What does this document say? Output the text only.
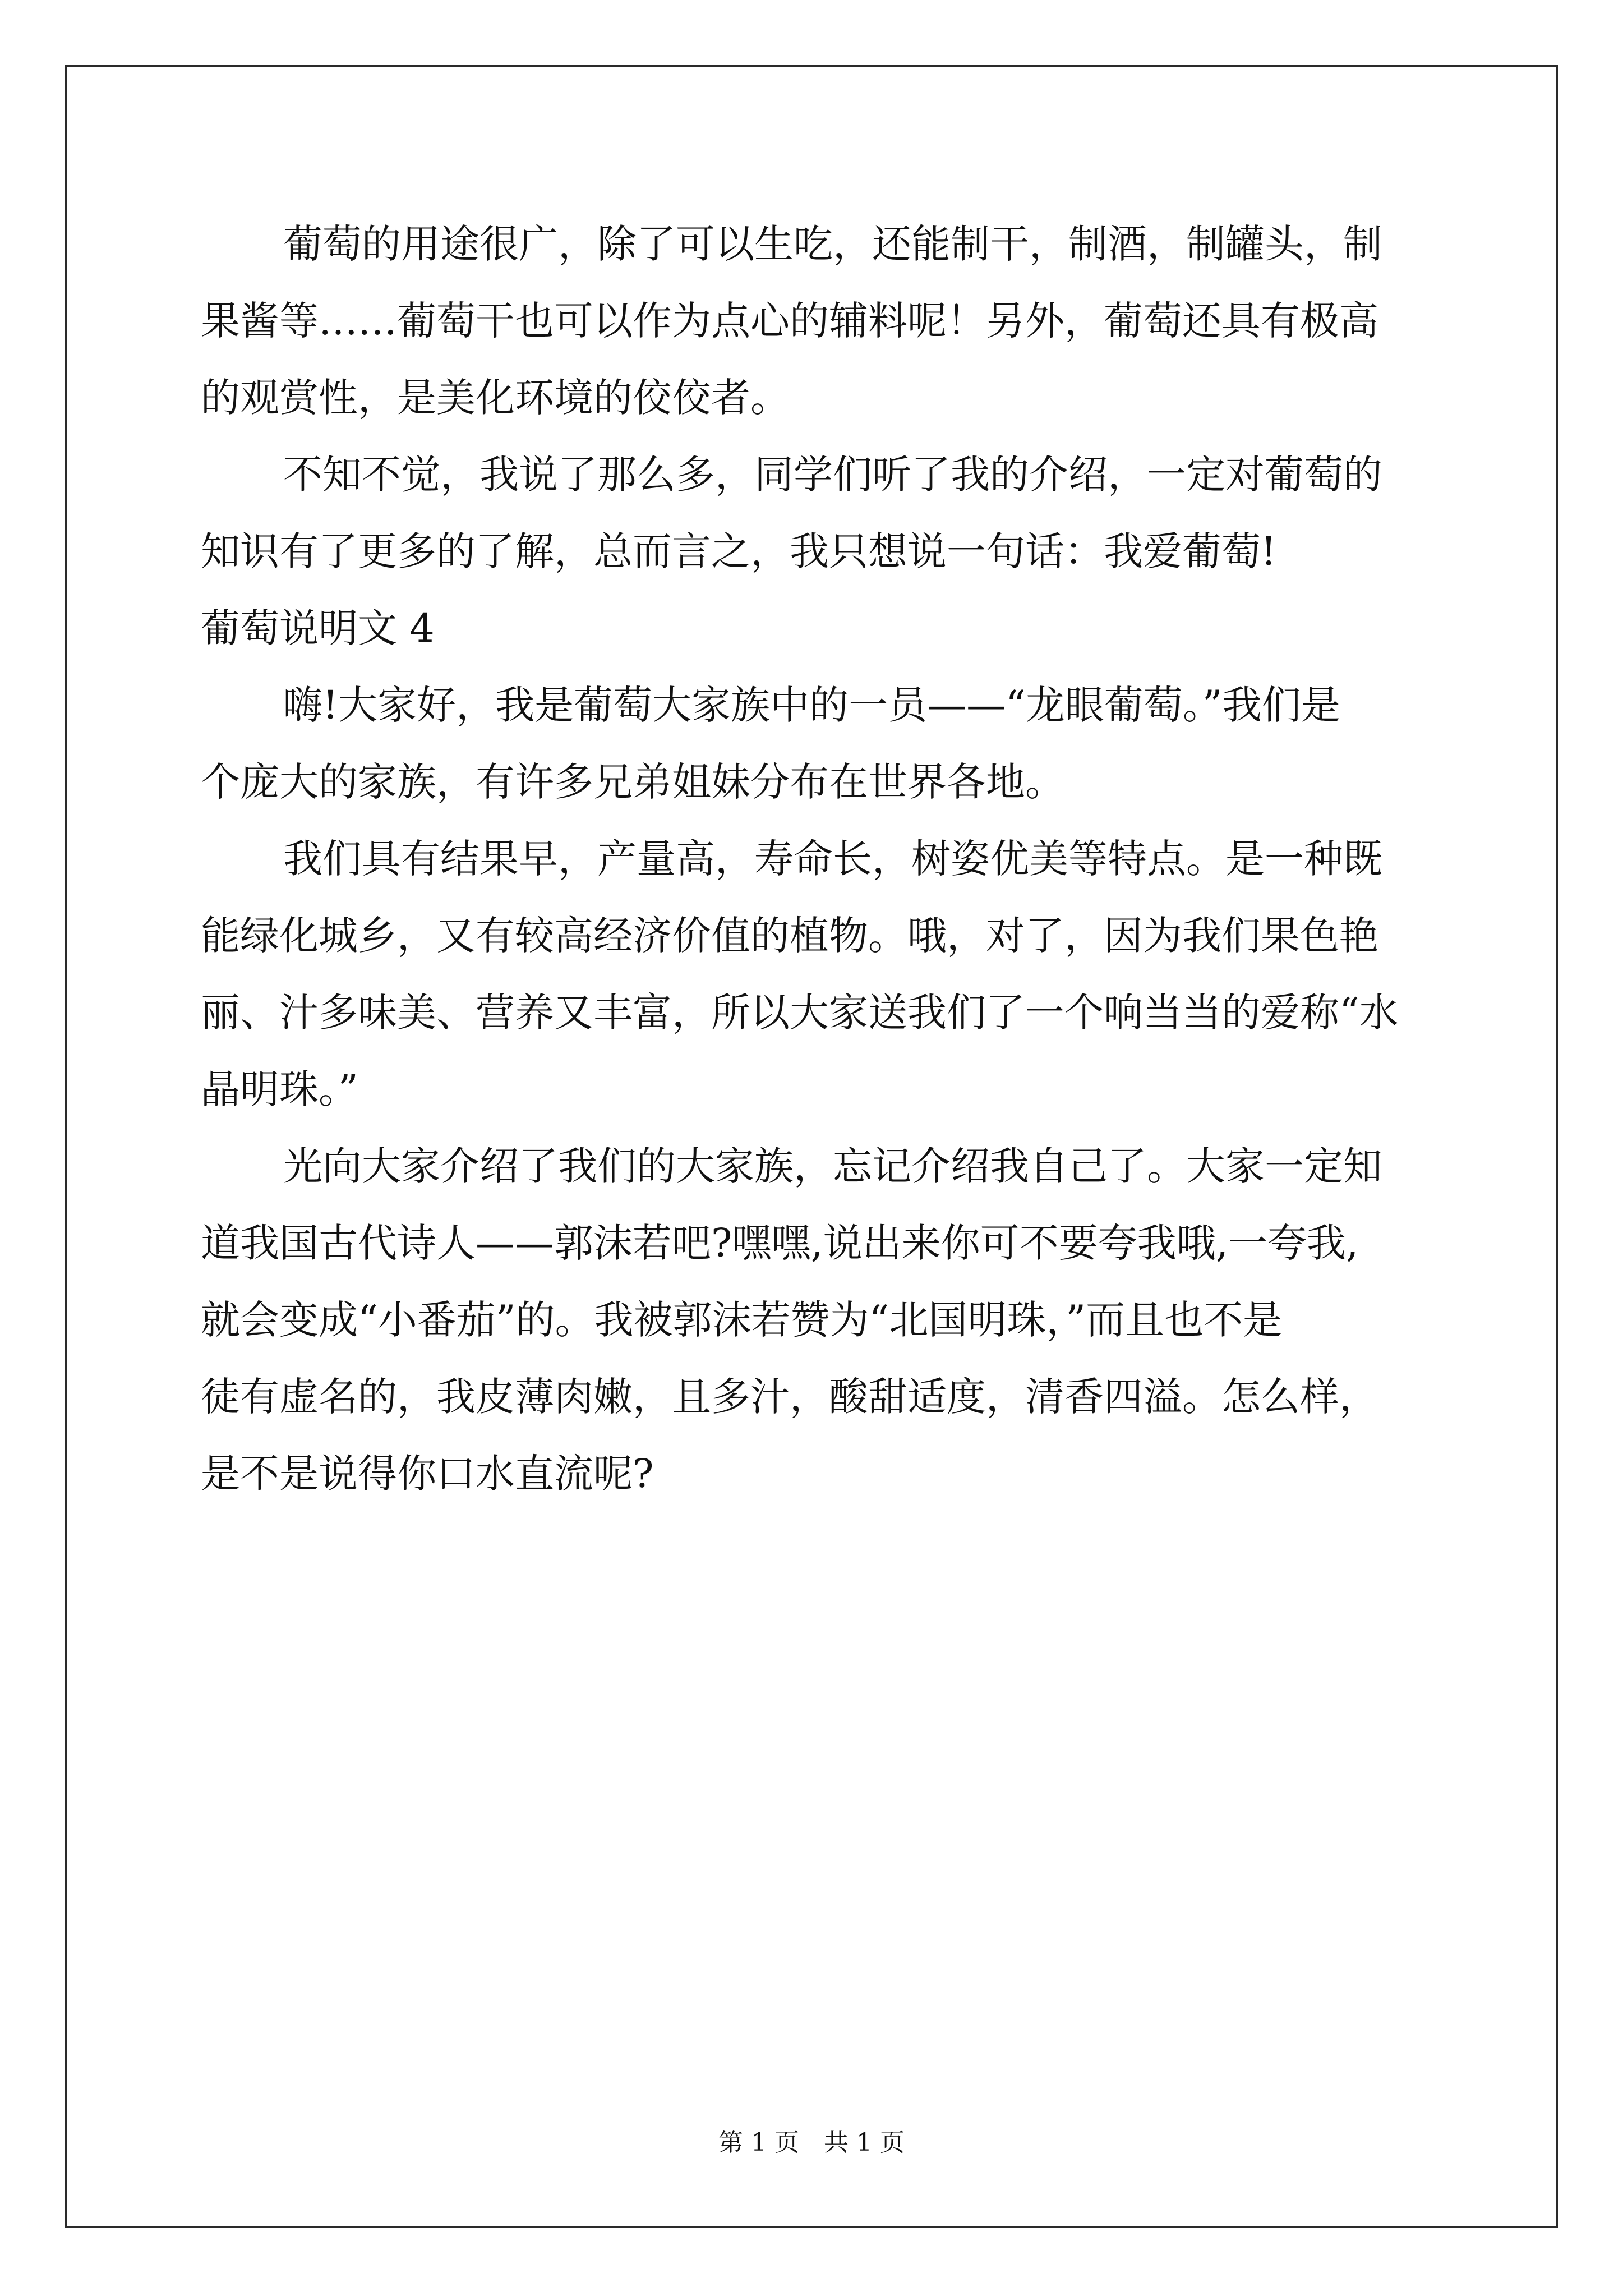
葡萄的用途很广，除了可以生吃，还能制干，制酒，制罐头，制
果酱等……葡萄干也可以作为点心的辅料呢！另外，葡萄还具有极高
的观赏性，是美化环境的佼佼者。
不知不觉，我说了那么多，同学们听了我的介绍，一定对葡萄的
知识有了更多的了解，总而言之，我只想说一句话：我爱葡萄!
葡萄说明文 4
嗨!大家好，我是葡萄大家族中的一员——“龙眼葡萄。”我们是
个庞大的家族，有许多兄弟姐妹分布在世界各地。
我们具有结果早，产量高，寿命长，树姿优美等特点。是一种既
能绿化城乡，又有较高经济价值的植物。哦，对了，因为我们果色艳
丽、汁多味美、营养又丰富，所以大家送我们了一个响当当的爱称“水
晶明珠。”
光向大家介绍了我们的大家族，忘记介绍我自己了。大家一定知
道我国古代诗人——郭沫若吧?嘿嘿,说出来你可不要夸我哦,一夸我,
就会变成“小番茄”的。我被郭沫若赞为“北国明珠，”而且也不是
徒有虚名的，我皮薄肉嫩，且多汁，酸甜适度，清香四溢。怎么样，
是不是说得你口水直流呢?
第 1 页　共 1 页
